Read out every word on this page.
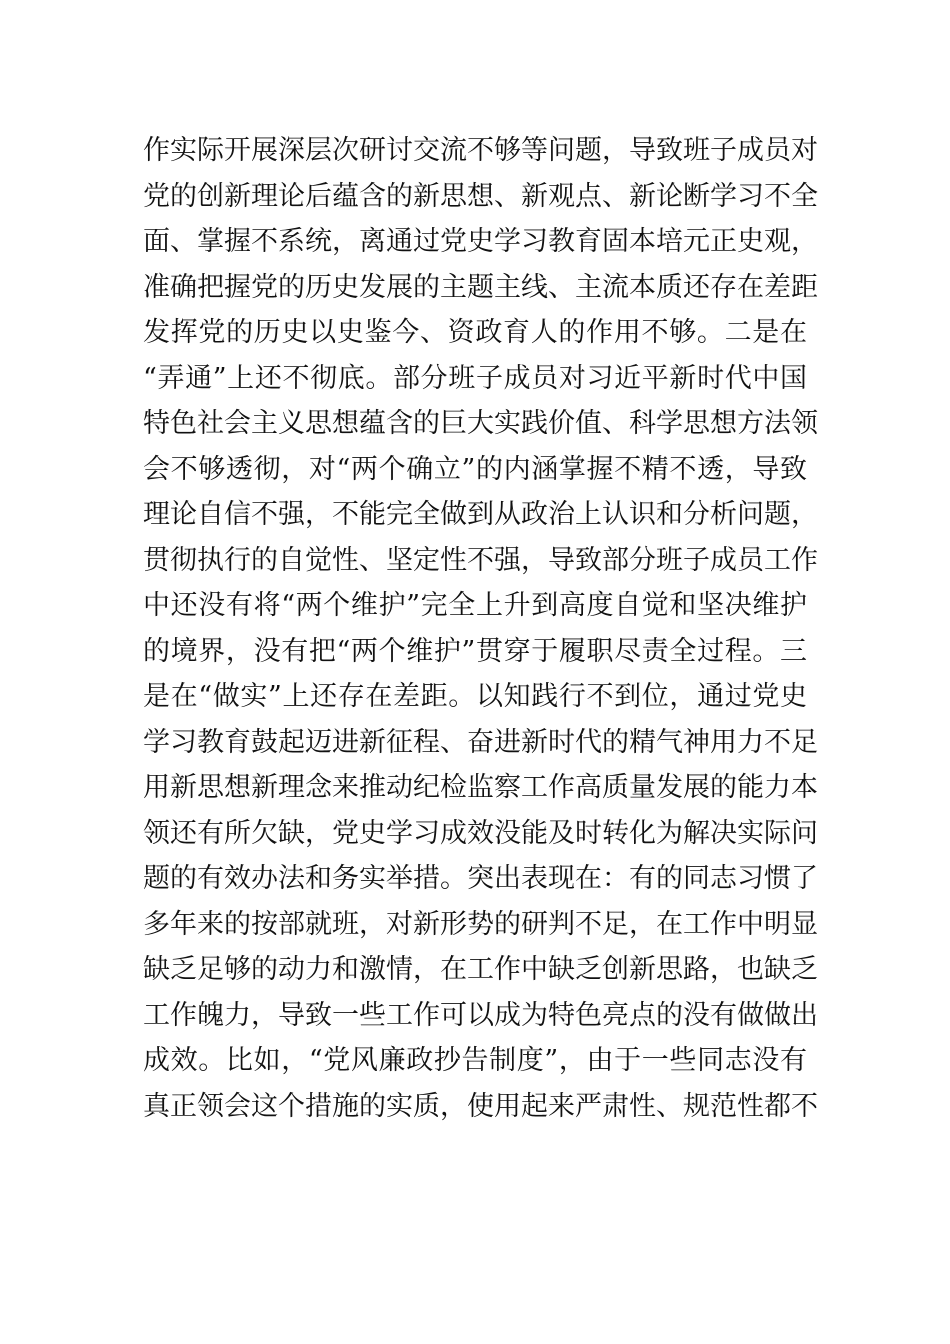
作实际开展深层次研讨交流不够等问题，导致班子成员对
党的创新理论后蕴含的新思想、新观点、新论断学习不全
面、掌握不系统，离通过党史学习教育固本培元正史观，
准确把握党的历史发展的主题主线、主流本质还存在差距
发挥党的历史以史鉴今、资政育人的作用不够。二是在
“弄通”上还不彻底。部分班子成员对习近平新时代中国
特色社会主义思想蕴含的巨大实践价值、科学思想方法领
会不够透彻，对“两个确立”的内涵掌握不精不透，导致
理论自信不强，不能完全做到从政治上认识和分析问题，
贯彻执行的自觉性、坚定性不强，导致部分班子成员工作
中还没有将“两个维护”完全上升到高度自觉和坚决维护
的境界，没有把“两个维护”贯穿于履职尽责全过程。三
是在“做实”上还存在差距。以知践行不到位，通过党史
学习教育鼓起迈进新征程、奋进新时代的精气神用力不足
用新思想新理念来推动纪检监察工作高质量发展的能力本
领还有所欠缺，党史学习成效没能及时转化为解决实际问
题的有效办法和务实举措。突出表现在：有的同志习惯了
多年来的按部就班，对新形势的研判不足，在工作中明显
缺乏足够的动力和激情，在工作中缺乏创新思路，也缺乏
工作魄力，导致一些工作可以成为特色亮点的没有做做出
成效。比如，“党风廉政抄告制度”，由于一些同志没有
真正领会这个措施的实质，使用起来严肃性、规范性都不
